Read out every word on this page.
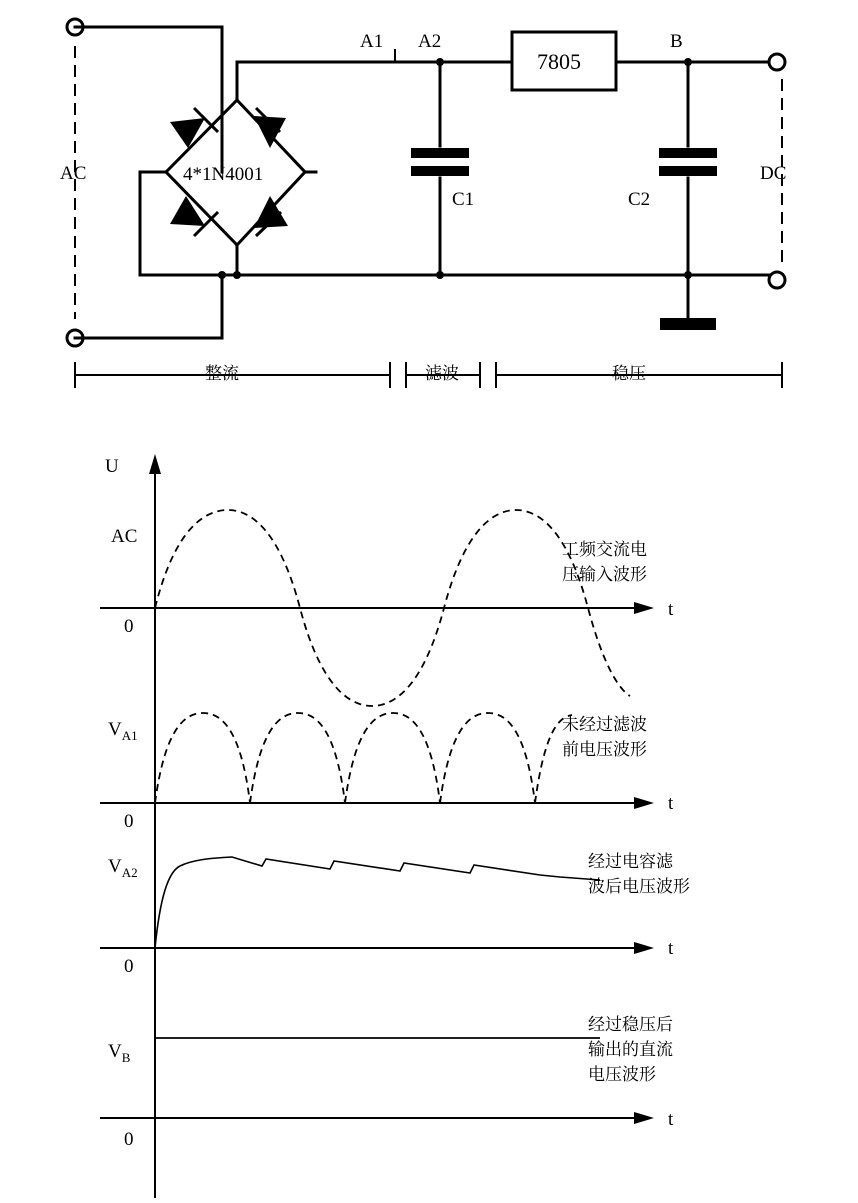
AC	DC
A1 A2	B
4*1N4001
7805
C1	C2
整流	滤波	稳压
U
AC
0
t
工频交流电
压输入波形
$V_{A1}$
0
t
未经过滤波
前电压波形
$V_{A2}$
0
t
经过电容滤
波后电压波形
$V_B$
0
t
经过稳压后
输出的直流
电压波形
